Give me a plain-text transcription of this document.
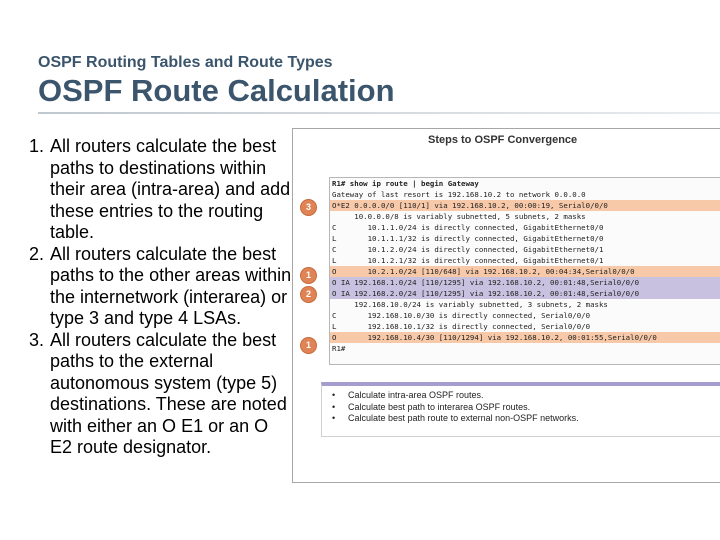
OSPF Routing Tables and Route Types
OSPF Route Calculation
1. All routers calculate the best paths to destinations within their area (intra-area) and add these entries to the routing table.
2. All routers calculate the best paths to the other areas within the internetwork (interarea) or type 3 and type 4 LSAs.
3. All routers calculate the best paths to the external autonomous system (type 5) destinations. These are noted with either an O E1 or an O E2 route designator.
Steps to OSPF Convergence
R1# show ip route | begin Gateway
Gateway of last resort is 192.168.10.2 to network 0.0.0.0
O*E2 0.0.0.0/0 [110/1] via 192.168.10.2, 00:00:19, Serial0/0/0
10.0.0.0/8 is variably subnetted, 5 subnets, 2 masks
C       10.1.1.0/24 is directly connected, GigabitEthernet0/0
L       10.1.1.1/32 is directly connected, GigabitEthernet0/0
C       10.1.2.0/24 is directly connected, GigabitEthernet0/1
L       10.1.2.1/32 is directly connected, GigabitEthernet0/1
O       10.2.1.0/24 [110/648] via 192.168.10.2, 00:04:34,Serial0/0/0
O IA 192.168.1.0/24 [110/1295] via 192.168.10.2, 00:01:48,Serial0/0/0
O IA 192.168.2.0/24 [110/1295] via 192.168.10.2, 00:01:48,Serial0/0/0
192.168.10.0/24 is variably subnetted, 3 subnets, 2 masks
C       192.168.10.0/30 is directly connected, Serial0/0/0
L       192.168.10.1/32 is directly connected, Serial0/0/0
O       192.168.10.4/30 [110/1294] via 192.168.10.2, 00:01:55,Serial0/0/0
R1#
3
1
2
1
• Calculate intra-area OSPF routes.
• Calculate best path to interarea OSPF routes.
• Calculate best path route to external non-OSPF networks.
